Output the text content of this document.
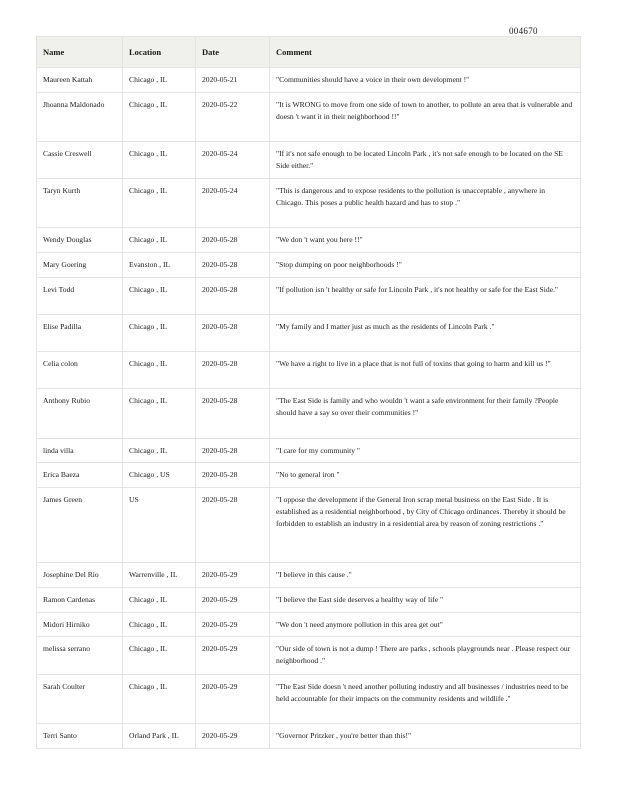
004670
Name	Location	Date	Comment
Maureen Kattah	Chicago , IL	2020-05-21	"Communities should have a voice in their own development !"
Jhoanna Maldonado	Chicago , IL	2020-05-22	"It is WRONG to move from one side of town to another, to pollute an area that is vulnerable and doesn 't want it in their neighborhood !!"
Cassie Creswell	Chicago , IL	2020-05-24	"If it's not safe enough to be located Lincoln Park , it's not safe enough to be located on the SE Side either."
Taryn Kurth	Chicago , IL	2020-05-24	"This is dangerous and to expose residents to the pollution is unacceptable , anywhere in Chicago. This poses a public health hazard and has to stop ."
Wendy Douglas	Chicago , IL	2020-05-28	"We don 't want you here !!"
Mary Goering	Evanston , IL	2020-05-28	"Stop dumping on poor neighborhoods !"
Levi Todd	Chicago , IL	2020-05-28	"If pollution isn 't healthy or safe for Lincoln Park , it's not healthy or safe for the East Side."
Elise Padilla	Chicago , IL	2020-05-28	"My family and I matter just as much as the residents of Lincoln Park ."
Celia colon	Chicago , IL	2020-05-28	"We have a right to live in a place that is not full of toxins that going to harm and kill us !"
Anthony Rubio	Chicago , IL	2020-05-28	"The East Side is family and who wouldn 't want a safe environment for their family ?People should have a say so over their communities !"
linda villa	Chicago , IL	2020-05-28	"I care for my community "
Erica Baeza	Chicago , US	2020-05-28	"No to general iron "
James Green	US	2020-05-28	"I oppose the development if the General Iron scrap metal business on the East Side . It is established as a residential neighborhood , by City of Chicago ordinances. Thereby it should be forbidden to establish an industry in a residential area by reason of zoning restrictions ."
Josephine Del Rio	Warrenville , IL	2020-05-29	"I believe in this cause ."
Ramon Cardenas	Chicago , IL	2020-05-29	"I believe the East side deserves a healthy way of life "
Midori Hirniko	Chicago , IL	2020-05-29	"We don 't need anymore pollution in this area get out"
melissa serrano	Chicago , IL	2020-05-29	"Our side of town is not a dump ! There are parks , schools playgrounds near . Please respect our neighborhood ."
Sarah Coulter	Chicago , IL	2020-05-29	"The East Side doesn 't need another polluting industry and all businesses / industries need to be held accountable for their impacts on the community residents and wildlife ."
Terri Santo	Orland Park , IL	2020-05-29	"Governor Pritzker , you're better than this!"
